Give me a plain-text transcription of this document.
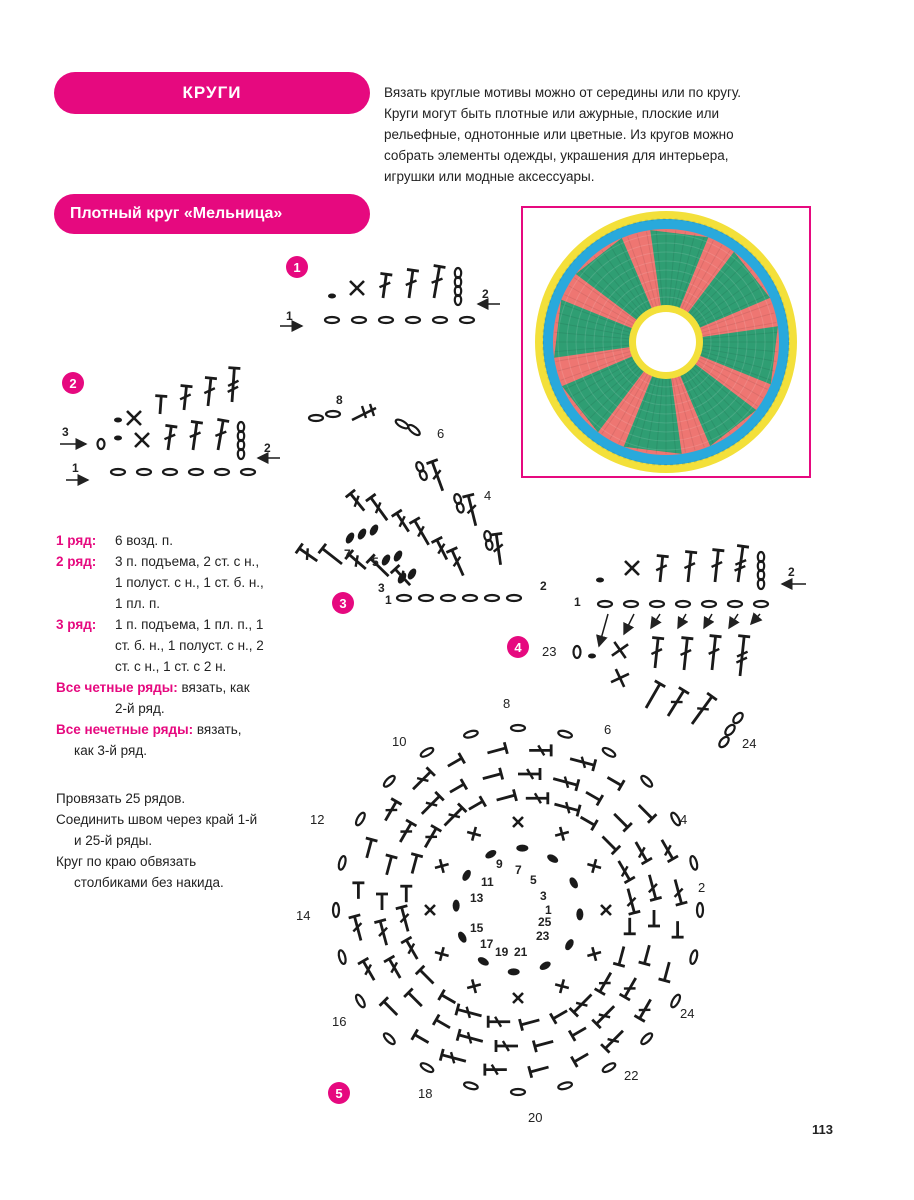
КРУГИ
Плотный круг «Мельница»
Вязать круглые мотивы можно от середины или по кругу.
Круги могут быть плотные или ажурные, плоские или
рельефные, однотонные или цветные. Из кругов можно
собрать элементы одежды, украшения для интерьера,
игрушки или модные аксессуары.
1
2
3
4
5
1 ряд: 6 возд. п.
2 ряд: 3 п. подъема, 2 ст. с н.,
1 полуст. с н., 1 ст. б. н.,
1 пл. п.
3 ряд: 1 п. подъема, 1 пл. п., 1
ст. б. н., 1 полуст. с н., 2
ст. с н., 1 ст. с 2 н.
Все четные ряды: вязать, как
2-й ряд.
Все нечетные ряды: вязать,
как 3-й ряд.
Провязать 25 рядов.
Соединить швом через край 1-й
и 25-й ряды.
Круг по краю обвязать
столбиками без накида.
113
1
2
1
2
3
1
2
8
6
4
7
5
3
2
1
23
24
8
6
10
4
12
2
14
16
24
18
22
20
9 7
11	5
13	3
1
25
15
23
17
19 21
